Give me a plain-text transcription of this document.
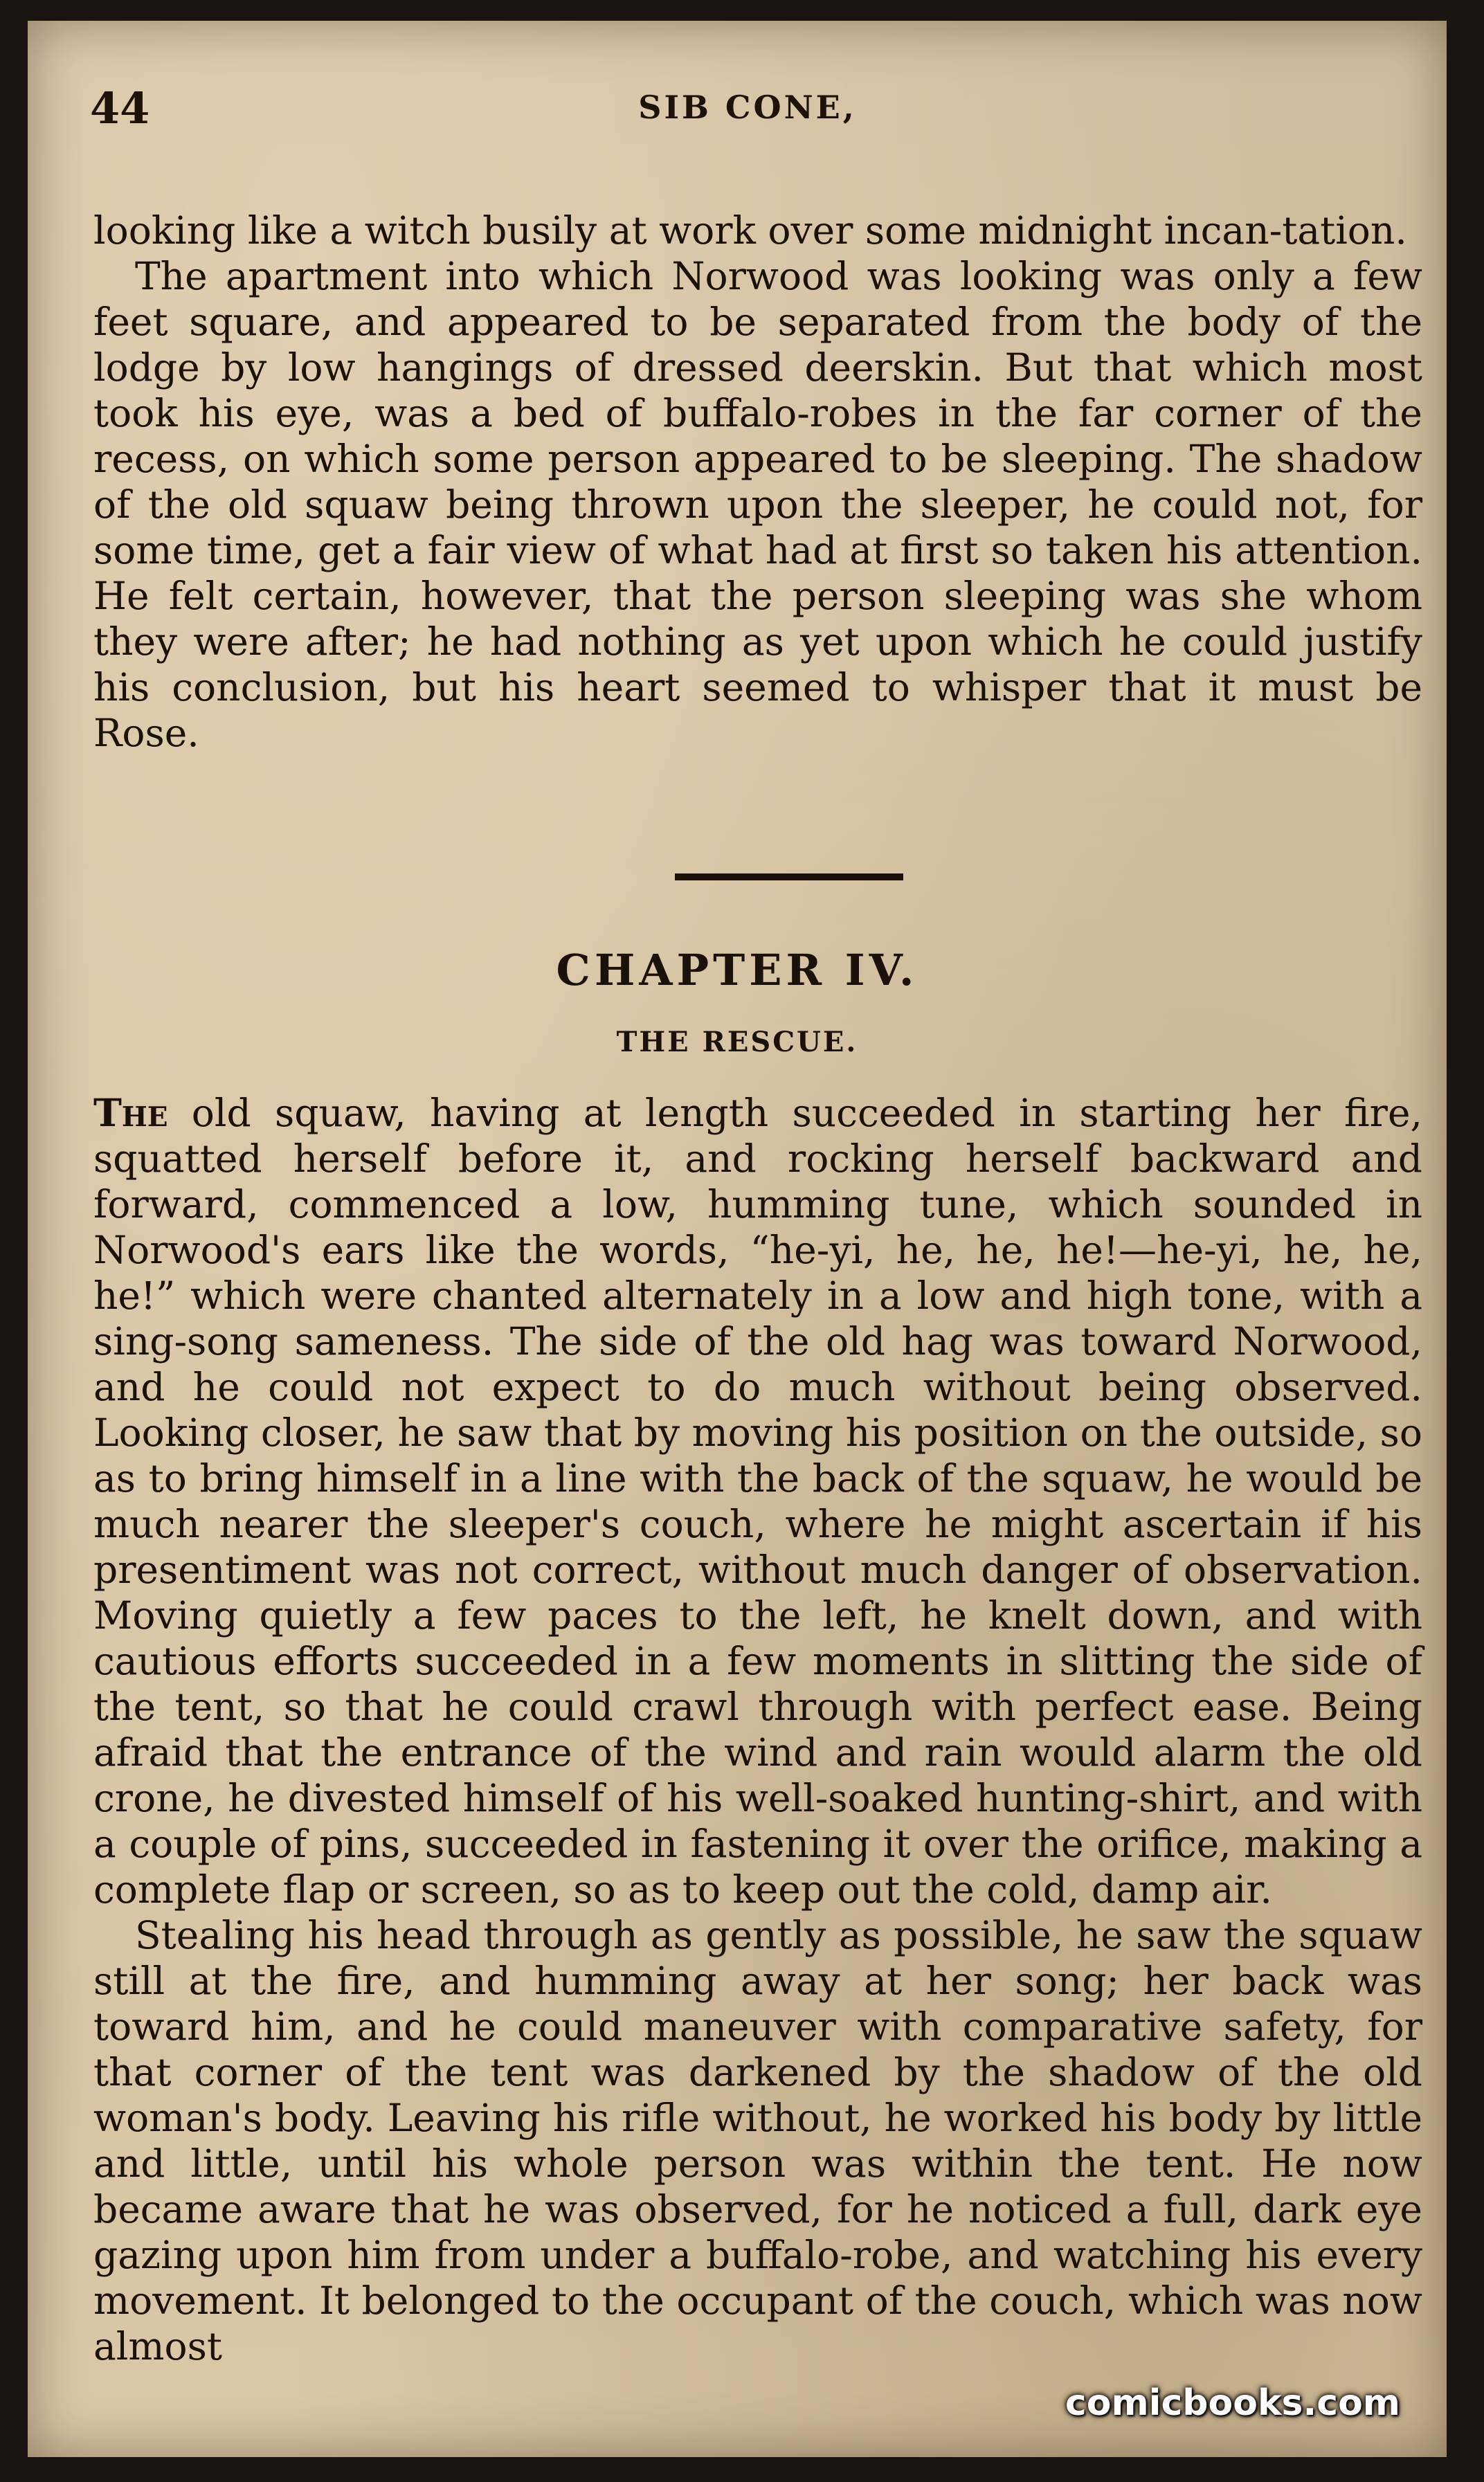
44	SIB CONE,

looking like a witch busily at work over some midnight incan-tation.

The apartment into which Norwood was looking was only a few feet square, and appeared to be separated from the body of the lodge by low hangings of dressed deerskin. But that which most took his eye, was a bed of buffalo-robes in the far corner of the recess, on which some person appeared to be sleeping. The shadow of the old squaw being thrown upon the sleeper, he could not, for some time, get a fair view of what had at first so taken his attention. He felt certain, however, that the person sleeping was she whom they were after; he had nothing as yet upon which he could justify his conclusion, but his heart seemed to whisper that it must be Rose.

CHAPTER IV.
THE RESCUE.

The old squaw, having at length succeeded in starting her fire, squatted herself before it, and rocking herself backward and forward, commenced a low, humming tune, which sounded in Norwood's ears like the words, “he-yi, he, he, he!—he-yi, he, he, he!” which were chanted alternately in a low and high tone, with a sing-song sameness. The side of the old hag was toward Norwood, and he could not expect to do much without being observed. Looking closer, he saw that by moving his position on the outside, so as to bring himself in a line with the back of the squaw, he would be much nearer the sleeper's couch, where he might ascertain if his presentiment was not correct, without much danger of observation. Moving quietly a few paces to the left, he knelt down, and with cautious efforts succeeded in a few moments in slitting the side of the tent, so that he could crawl through with perfect ease. Being afraid that the entrance of the wind and rain would alarm the old crone, he divested himself of his well-soaked hunting-shirt, and with a couple of pins, succeeded in fastening it over the orifice, making a complete flap or screen, so as to keep out the cold, damp air.

Stealing his head through as gently as possible, he saw the squaw still at the fire, and humming away at her song; her back was toward him, and he could maneuver with comparative safety, for that corner of the tent was darkened by the shadow of the old woman's body. Leaving his rifle without, he worked his body by little and little, until his whole person was within the tent. He now became aware that he was observed, for he noticed a full, dark eye gazing upon him from under a buffalo-robe, and watching his every movement. It belonged to the occupant of the couch, which was now almost

comicbooks.com
